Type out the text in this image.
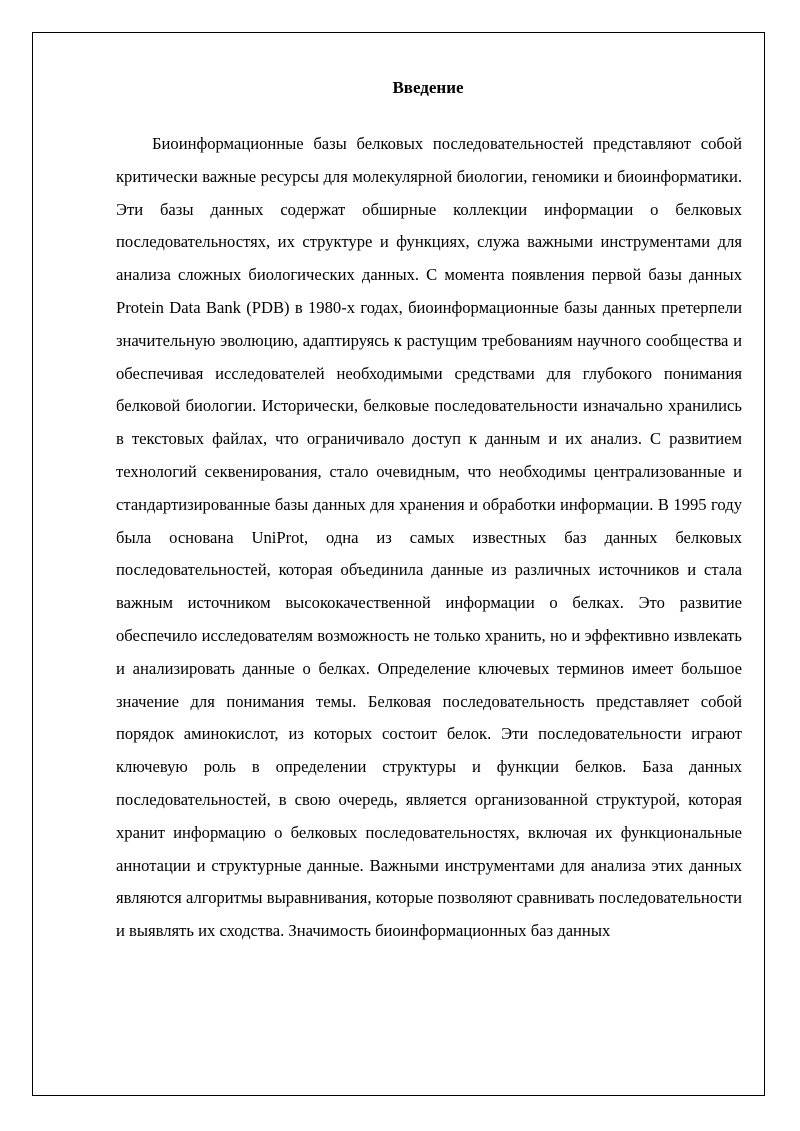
Введение

Биоинформационные базы белковых последовательностей представляют собой критически важные ресурсы для молекулярной биологии, геномики и биоинформатики. Эти базы данных содержат обширные коллекции информации о белковых последовательностях, их структуре и функциях, служа важными инструментами для анализа сложных биологических данных. С момента появления первой базы данных Protein Data Bank (PDB) в 1980-х годах, биоинформационные базы данных претерпели значительную эволюцию, адаптируясь к растущим требованиям научного сообщества и обеспечивая исследователей необходимыми средствами для глубокого понимания белковой биологии. Исторически, белковые последовательности изначально хранились в текстовых файлах, что ограничивало доступ к данным и их анализ. С развитием технологий секвенирования, стало очевидным, что необходимы централизованные и стандартизированные базы данных для хранения и обработки информации. В 1995 году была основана UniProt, одна из самых известных баз данных белковых последовательностей, которая объединила данные из различных источников и стала важным источником высококачественной информации о белках. Это развитие обеспечило исследователям возможность не только хранить, но и эффективно извлекать и анализировать данные о белках. Определение ключевых терминов имеет большое значение для понимания темы. Белковая последовательность представляет собой порядок аминокислот, из которых состоит белок. Эти последовательности играют ключевую роль в определении структуры и функции белков. База данных последовательностей, в свою очередь, является организованной структурой, которая хранит информацию о белковых последовательностях, включая их функциональные аннотации и структурные данные. Важными инструментами для анализа этих данных являются алгоритмы выравнивания, которые позволяют сравнивать последовательности и выявлять их сходства. Значимость биоинформационных баз данных
